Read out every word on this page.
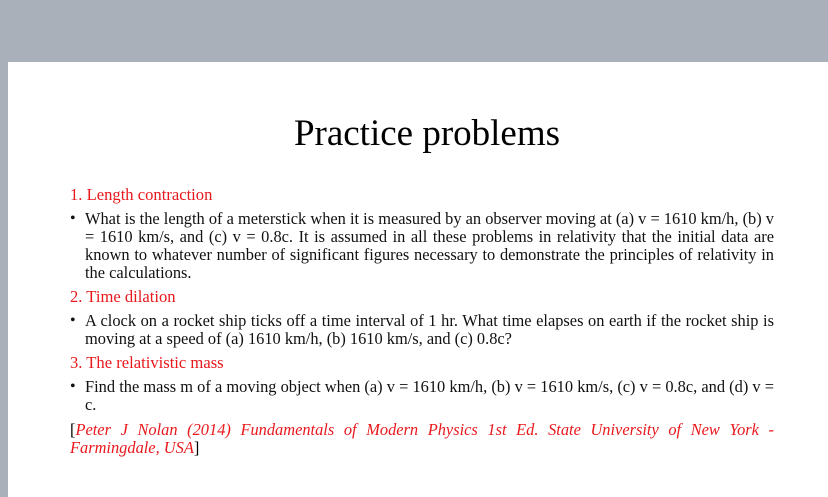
Practice problems
1. Length contraction
• What is the length of a meterstick when it is measured by an observer moving at (a) v = 1610 km/h, (b) v = 1610 km/s, and (c) v = 0.8c. It is assumed in all these problems in relativity that the initial data are known to whatever number of significant figures necessary to demonstrate the principles of relativity in the calculations.
2. Time dilation
• A clock on a rocket ship ticks off a time interval of 1 hr. What time elapses on earth if the rocket ship is moving at a speed of (a) 1610 km/h, (b) 1610 km/s, and (c) 0.8c?
3. The relativistic mass
• Find the mass m of a moving object when (a) v = 1610 km/h, (b) v = 1610 km/s, (c) v = 0.8c, and (d) v = c.
[Peter J Nolan (2014) Fundamentals of Modern Physics 1st Ed. State University of New York - Farmingdale, USA]
